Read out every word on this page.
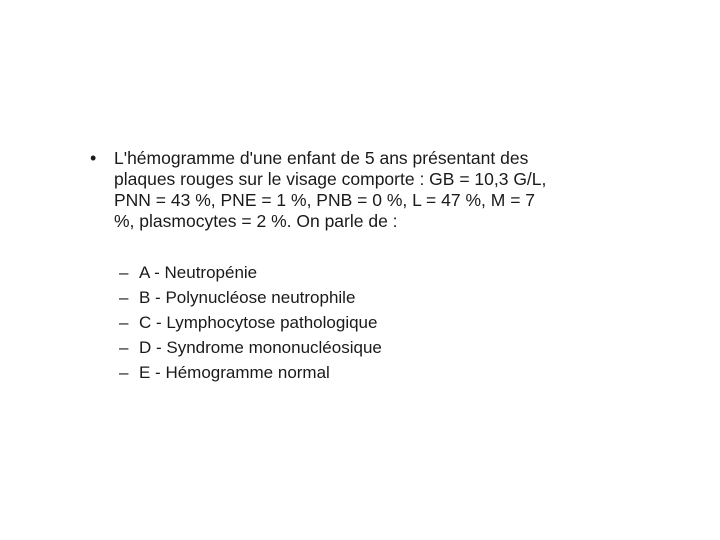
• L'hémogramme d'une enfant de 5 ans présentant des
plaques rouges sur le visage comporte : GB = 10,3 G/L,
PNN = 43 %, PNE = 1 %, PNB = 0 %, L = 47 %, M = 7
%, plasmocytes = 2 %. On parle de :
– A - Neutropénie
– B - Polynucléose neutrophile
– C - Lymphocytose pathologique
– D - Syndrome mononucléosique
– E - Hémogramme normal
